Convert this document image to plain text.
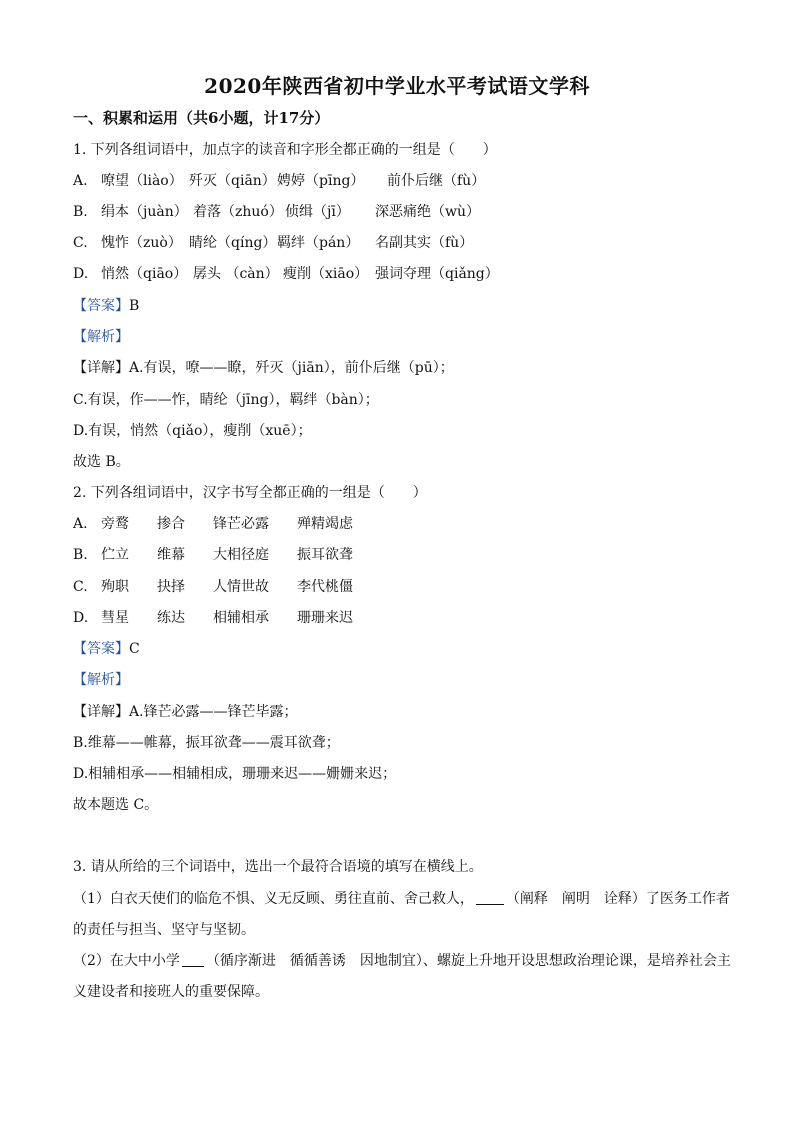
2020年陕西省初中学业水平考试语文学科
一、积累和运用（共6小题，计17分）
1. 下列各组词语中，加点字的读音和字形全都正确的一组是（　　）
A. 嘹望（liào） 歼灭（qiān）娉婷（pīng） 前仆后继（fù）
B. 绢本（juàn） 着落（zhuó） 侦缉（jī） 深恶痛绝（wù）
C. 愧怍（zuò） 睛纶（qíng）羁绊（pán） 名副其实（fù）
D. 悄然（qiāo） 孱头 （càn） 瘦削（xiāo） 强词夺理（qiǎng）
【答案】B
【解析】
【详解】A.有误，嘹——瞭，歼灭（jiān），前仆后继（pū）；
C.有误，作——怍，睛纶（jīng），羁绊（bàn）；
D.有误，悄然（qiǎo），瘦削（xuē）；
故选 B。
2. 下列各组词语中，汉字书写全都正确的一组是（　　）
A. 旁鹜 掺合 锋芒必露 殚精竭虑
B. 伫立 维幕 大相径庭 振耳欲聋
C. 殉职 抉择 人情世故 李代桃僵
D. 彗星 练达 相辅相承 珊珊来迟
【答案】C
【解析】
【详解】A.锋芒必露——锋芒毕露；
B.维幕——帷幕，振耳欲聋——震耳欲聋；
D.相辅相承——相辅相成，珊珊来迟——姗姗来迟；
故本题选 C。
3. 请从所给的三个词语中，选出一个最符合语境的填写在横线上。
（1）白衣天使们的临危不惧、义无反顾、勇往直前、舍己救人， （阐释　阐明　诠释）了医务工作者
的责任与担当、坚守与坚韧。
（2）在大中小学 （循序渐进　循循善诱　因地制宜）、螺旋上升地开设思想政治理论课，是培养社会主
义建设者和接班人的重要保障。
